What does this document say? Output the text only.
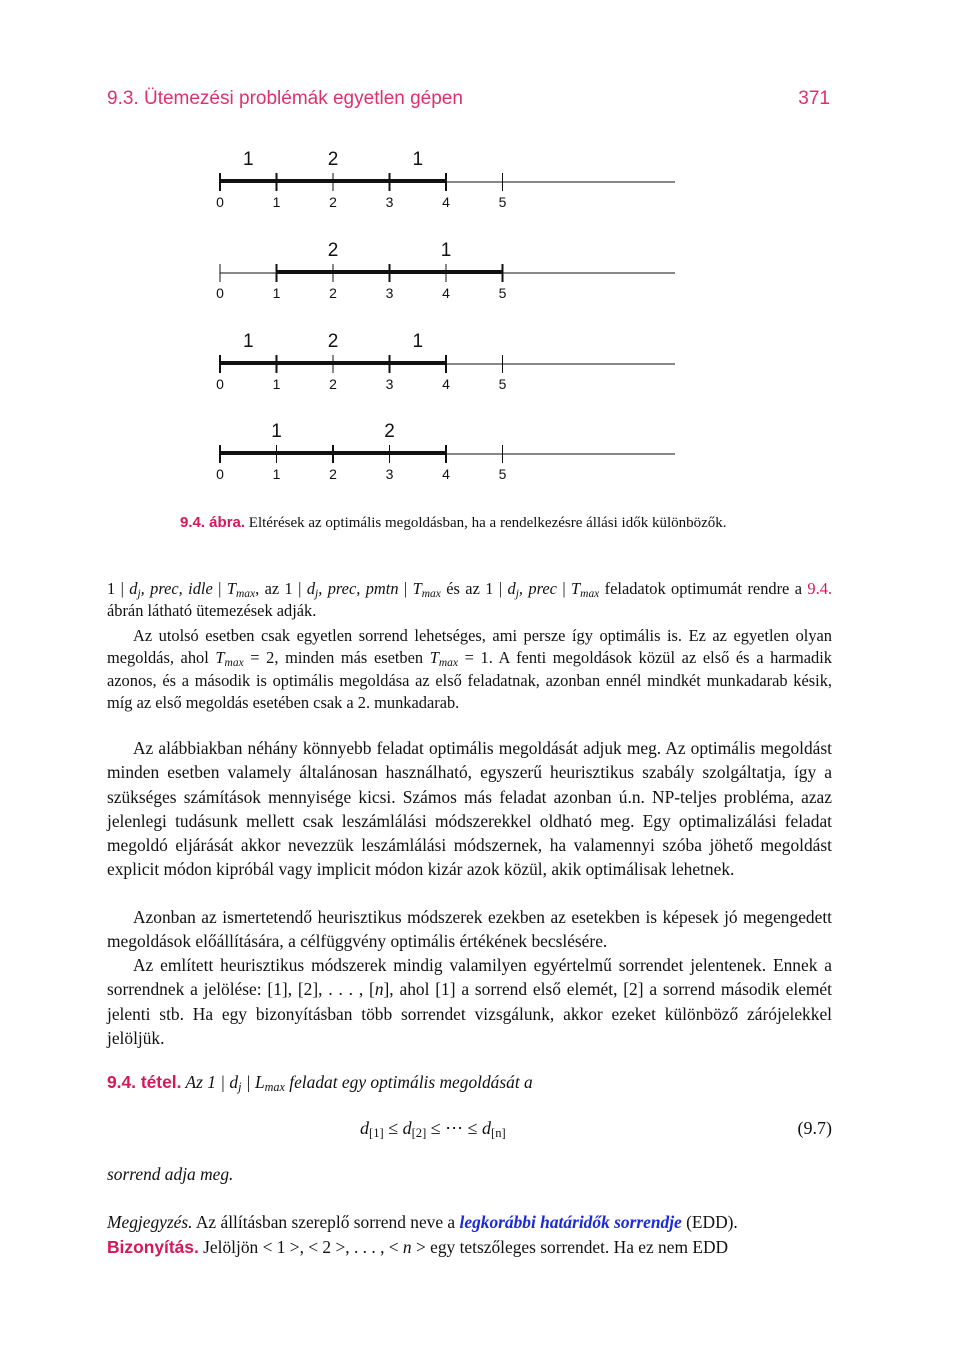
9.3. Ütemezési problémák egyetlen gépen	371
0	1	2	3	4	5
1	2	1
0	1	2	3	4	5
2	1
0	1	2	3	4	5
1	2	1
0	1	2	3	4	5
1	2
9.4. ábra. Eltérések az optimális megoldásban, ha a rendelkezésre állási idők különbözők.

1 | $d_j$, prec, idle | $T_{max}$, az 1 | $d_j$, prec, pmtn | $T_{max}$ és az 1 | $d_j$, prec | $T_{max}$ feladatok optimumát rendre a 9.4. ábrán látható ütemezések adják.

Az utolsó esetben csak egyetlen sorrend lehetséges, ami persze így optimális is. Ez az egyetlen olyan megoldás, ahol $T_{max} = 2$, minden más esetben $T_{max} = 1$. A fenti megoldások közül az első és a harmadik azonos, és a második is optimális megoldása az első feladatnak, azonban ennél mindkét munkadarab késik, míg az első megoldás esetében csak a 2. munkadarab.

Az alábbiakban néhány könnyebb feladat optimális megoldását adjuk meg. Az optimális megoldást minden esetben valamely általánosan használható, egyszerű heurisztikus szabály szolgáltatja, így a szükséges számítások mennyisége kicsi. Számos más feladat azonban ú.n. NP-teljes probléma, azaz jelenlegi tudásunk mellett csak leszámlálási módszerekkel oldható meg. Egy optimalizálási feladat megoldó eljárását akkor nevezzük leszámlálási módszernek, ha valamennyi szóba jöhető megoldást explicit módon kipróbál vagy implicit módon kizár azok közül, akik optimálisak lehetnek.

Azonban az ismertetendő heurisztikus módszerek ezekben az esetekben is képesek jó megengedett megoldások előállítására, a célfüggvény optimális értékének becslésére.

Az említett heurisztikus módszerek mindig valamilyen egyértelmű sorrendet jelentenek. Ennek a sorrendnek a jelölése: [1], [2], . . . , [n], ahol [1] a sorrend első elemét, [2] a sorrend második elemét jelenti stb. Ha egy bizonyításban több sorrendet vizsgálunk, akkor ezeket különböző zárójelekkel jelöljük.

9.4. tétel. Az 1 | $d_j$ | $L_{max}$ feladat egy optimális megoldását a
$d_{[1]} \le d_{[2]}$ ≤ ⋯ ≤ $d_{[n]}$	(9.7)
sorrend adja meg.

Megjegyzés. Az állításban szereplő sorrend neve a legkorábbi határidők sorrendje (EDD).

Bizonyítás. Jelöljön < 1 >, < 2 >, . . . , < n > egy tetszőleges sorrendet. Ha ez nem EDD
